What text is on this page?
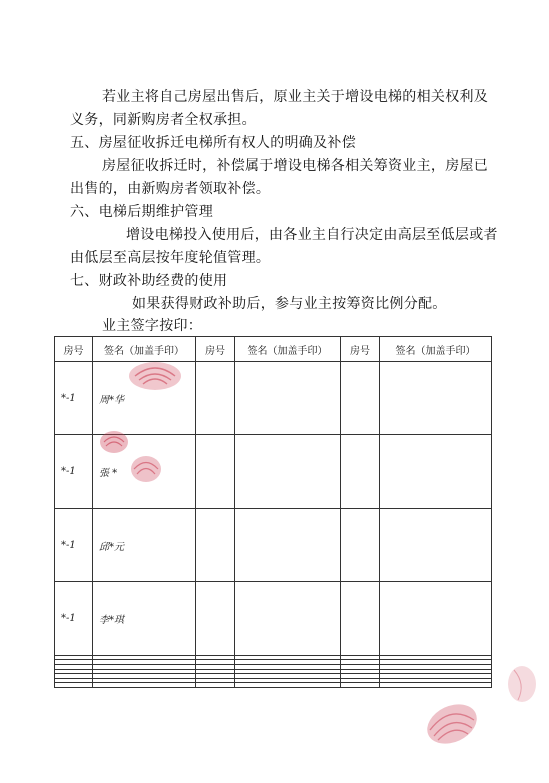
若业主将自己房屋出售后，原业主关于增设电梯的相关权利及义务，同新购房者全权承担。
五、房屋征收拆迁电梯所有权人的明确及补偿
房屋征收拆迁时，补偿属于增设电梯各相关筹资业主，房屋已出售的，由新购房者领取补偿。
六、电梯后期维护管理
增设电梯投入使用后，由各业主自行决定由高层至低层或者由低层至高层按年度轮值管理。
七、财政补助经费的使用
如果获得财政补助后，参与业主按筹资比例分配。
业主签字按印：
房号	签名（加盖手印）	房号	签名（加盖手印）	房号	签名（加盖手印）
*-1	周*华				
*-1	張 *				
*-1	邱*元				
*-1	李*琪				
